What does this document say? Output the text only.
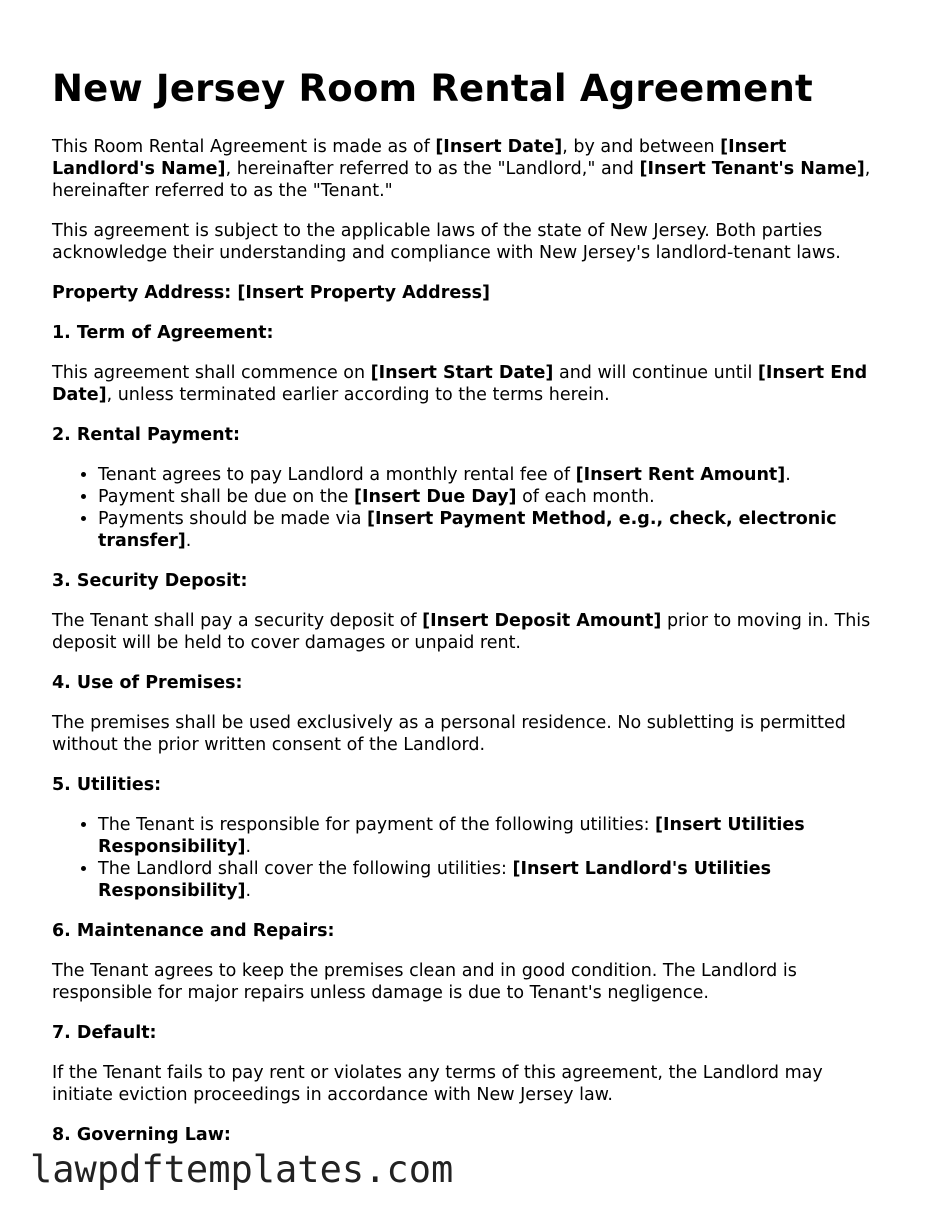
New Jersey Room Rental Agreement

This Room Rental Agreement is made as of [Insert Date], by and between [Insert Landlord's Name], hereinafter referred to as the "Landlord," and [Insert Tenant's Name], hereinafter referred to as the "Tenant."

This agreement is subject to the applicable laws of the state of New Jersey. Both parties acknowledge their understanding and compliance with New Jersey's landlord-tenant laws.

Property Address: [Insert Property Address]
1. Term of Agreement:

This agreement shall commence on [Insert Start Date] and will continue until [Insert End Date], unless terminated earlier according to the terms herein.

2. Rental Payment:
• Tenant agrees to pay Landlord a monthly rental fee of [Insert Rent Amount].
• Payment shall be due on the [Insert Due Day] of each month.
• Payments should be made via [Insert Payment Method, e.g., check, electronic transfer].
3. Security Deposit:

The Tenant shall pay a security deposit of [Insert Deposit Amount] prior to moving in. This deposit will be held to cover damages or unpaid rent.

4. Use of Premises:

The premises shall be used exclusively as a personal residence. No subletting is permitted without the prior written consent of the Landlord.

5. Utilities:
• The Tenant is responsible for payment of the following utilities: [Insert Utilities Responsibility].
• The Landlord shall cover the following utilities: [Insert Landlord's Utilities Responsibility].
6. Maintenance and Repairs:

The Tenant agrees to keep the premises clean and in good condition. The Landlord is responsible for major repairs unless damage is due to Tenant's negligence.

7. Default:

If the Tenant fails to pay rent or violates any terms of this agreement, the Landlord may initiate eviction proceedings in accordance with New Jersey law.

8. Governing Law:
lawpdftemplates.com
